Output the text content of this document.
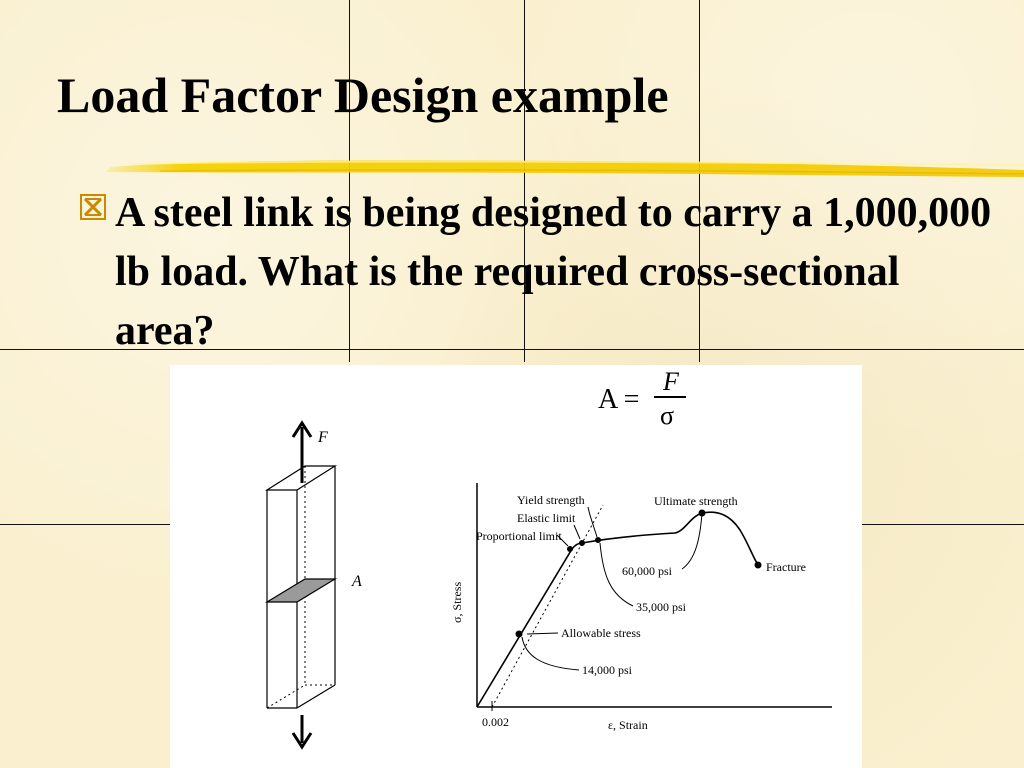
Load Factor Design example

A steel link is being designed to carry a 1,000,000 lb load. What is the required cross-sectional area?

A =
F
σ
F
A
Yield strength
Elastic limit
Proportional limit
Ultimate strength
Fracture
60,000 psi
35,000 psi
Allowable stress
14,000 psi
0.002	ε, Strain
σ, Stress
